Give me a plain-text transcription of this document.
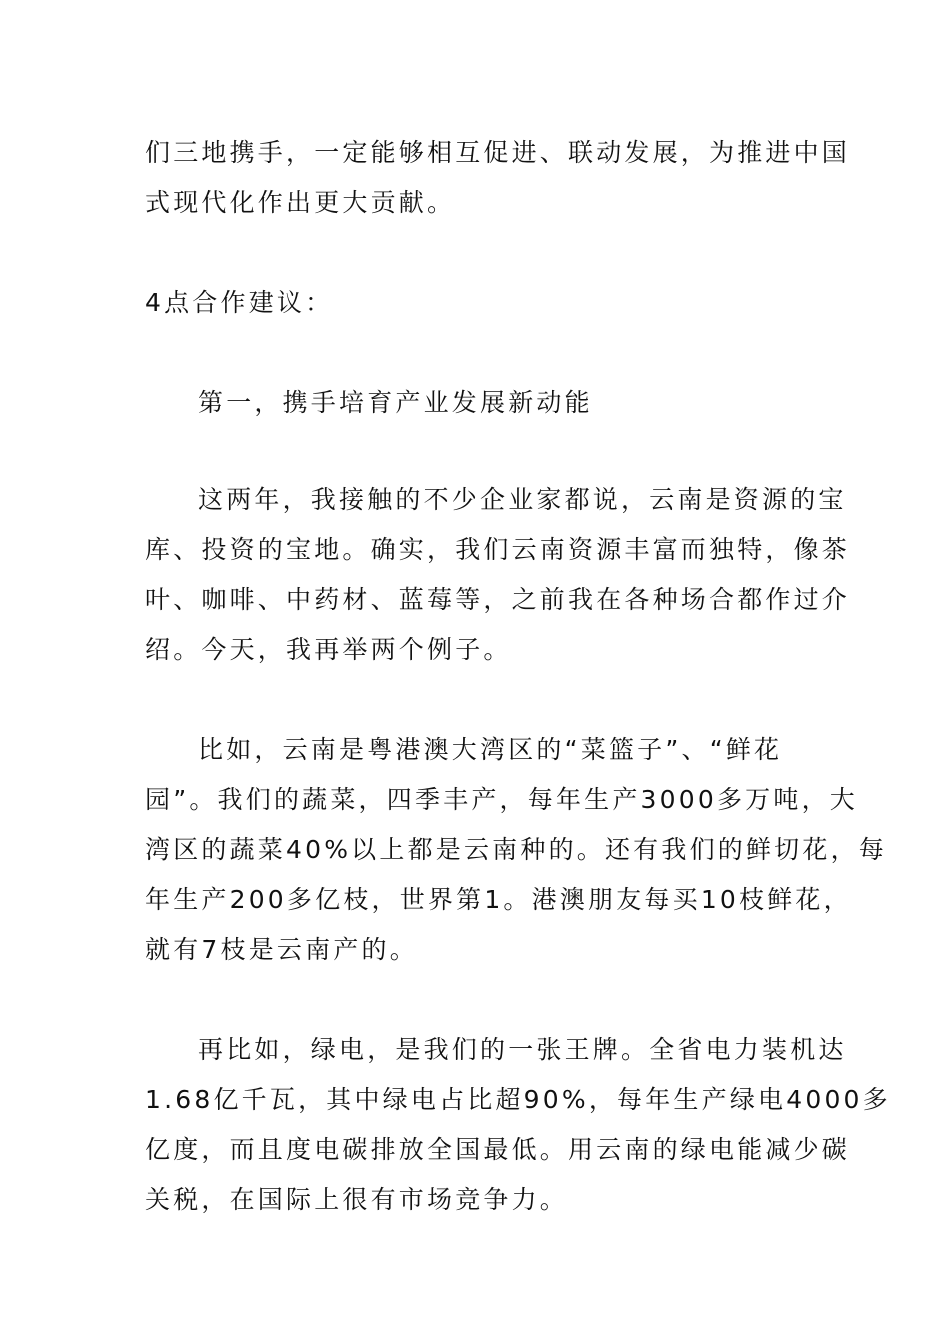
们三地携手，一定能够相互促进、联动发展，为推进中国
式现代化作出更大贡献。
4点合作建议：
第一，携手培育产业发展新动能
这两年，我接触的不少企业家都说，云南是资源的宝
库、投资的宝地。确实，我们云南资源丰富而独特，像茶
叶、咖啡、中药材、蓝莓等，之前我在各种场合都作过介
绍。今天，我再举两个例子。
比如，云南是粤港澳大湾区的“菜篮子”、“鲜花
园”。我们的蔬菜，四季丰产，每年生产3000多万吨，大
湾区的蔬菜40%以上都是云南种的。还有我们的鲜切花，每
年生产200多亿枝，世界第1。港澳朋友每买10枝鲜花，
就有7枝是云南产的。
再比如，绿电，是我们的一张王牌。全省电力装机达
1.68亿千瓦，其中绿电占比超90%，每年生产绿电4000多
亿度，而且度电碳排放全国最低。用云南的绿电能减少碳
关税，在国际上很有市场竞争力。
